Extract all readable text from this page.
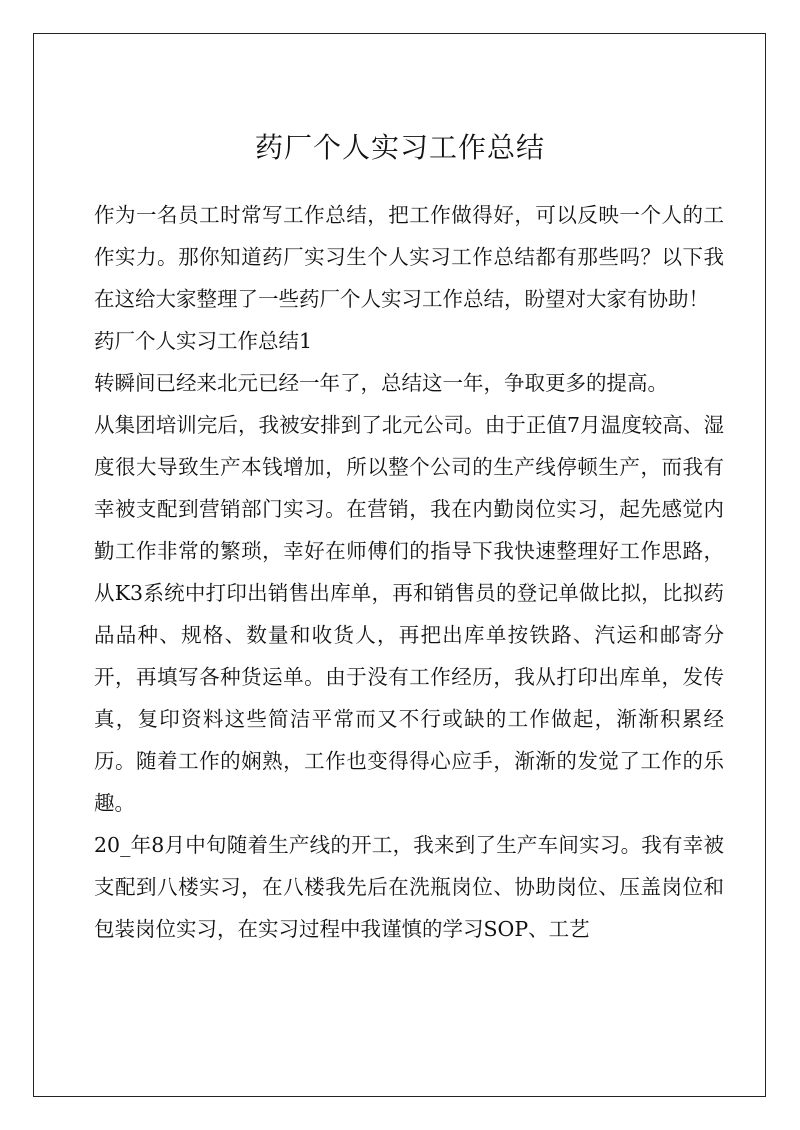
药厂个人实习工作总结

作为一名员工时常写工作总结，把工作做得好，可以反映一个人的工作实力。那你知道药厂实习生个人实习工作总结都有那些吗？以下我在这给大家整理了一些药厂个人实习工作总结，盼望对大家有协助！

药厂个人实习工作总结1

转瞬间已经来北元已经一年了，总结这一年，争取更多的提高。

从集团培训完后，我被安排到了北元公司。由于正值7月温度较高、湿度很大导致生产本钱增加，所以整个公司的生产线停顿生产，而我有幸被支配到营销部门实习。在营销，我在内勤岗位实习，起先感觉内勤工作非常的繁琐，幸好在师傅们的指导下我快速整理好工作思路，从K3系统中打印出销售出库单，再和销售员的登记单做比拟，比拟药品品种、规格、数量和收货人，再把出库单按铁路、汽运和邮寄分开，再填写各种货运单。由于没有工作经历，我从打印出库单，发传真，复印资料这些简洁平常而又不行或缺的工作做起，渐渐积累经历。随着工作的娴熟，工作也变得得心应手，渐渐的发觉了工作的乐趣。

20_年8月中旬随着生产线的开工，我来到了生产车间实习。我有幸被支配到八楼实习，在八楼我先后在洗瓶岗位、协助岗位、压盖岗位和包装岗位实习，在实习过程中我谨慎的学习SOP、工艺
